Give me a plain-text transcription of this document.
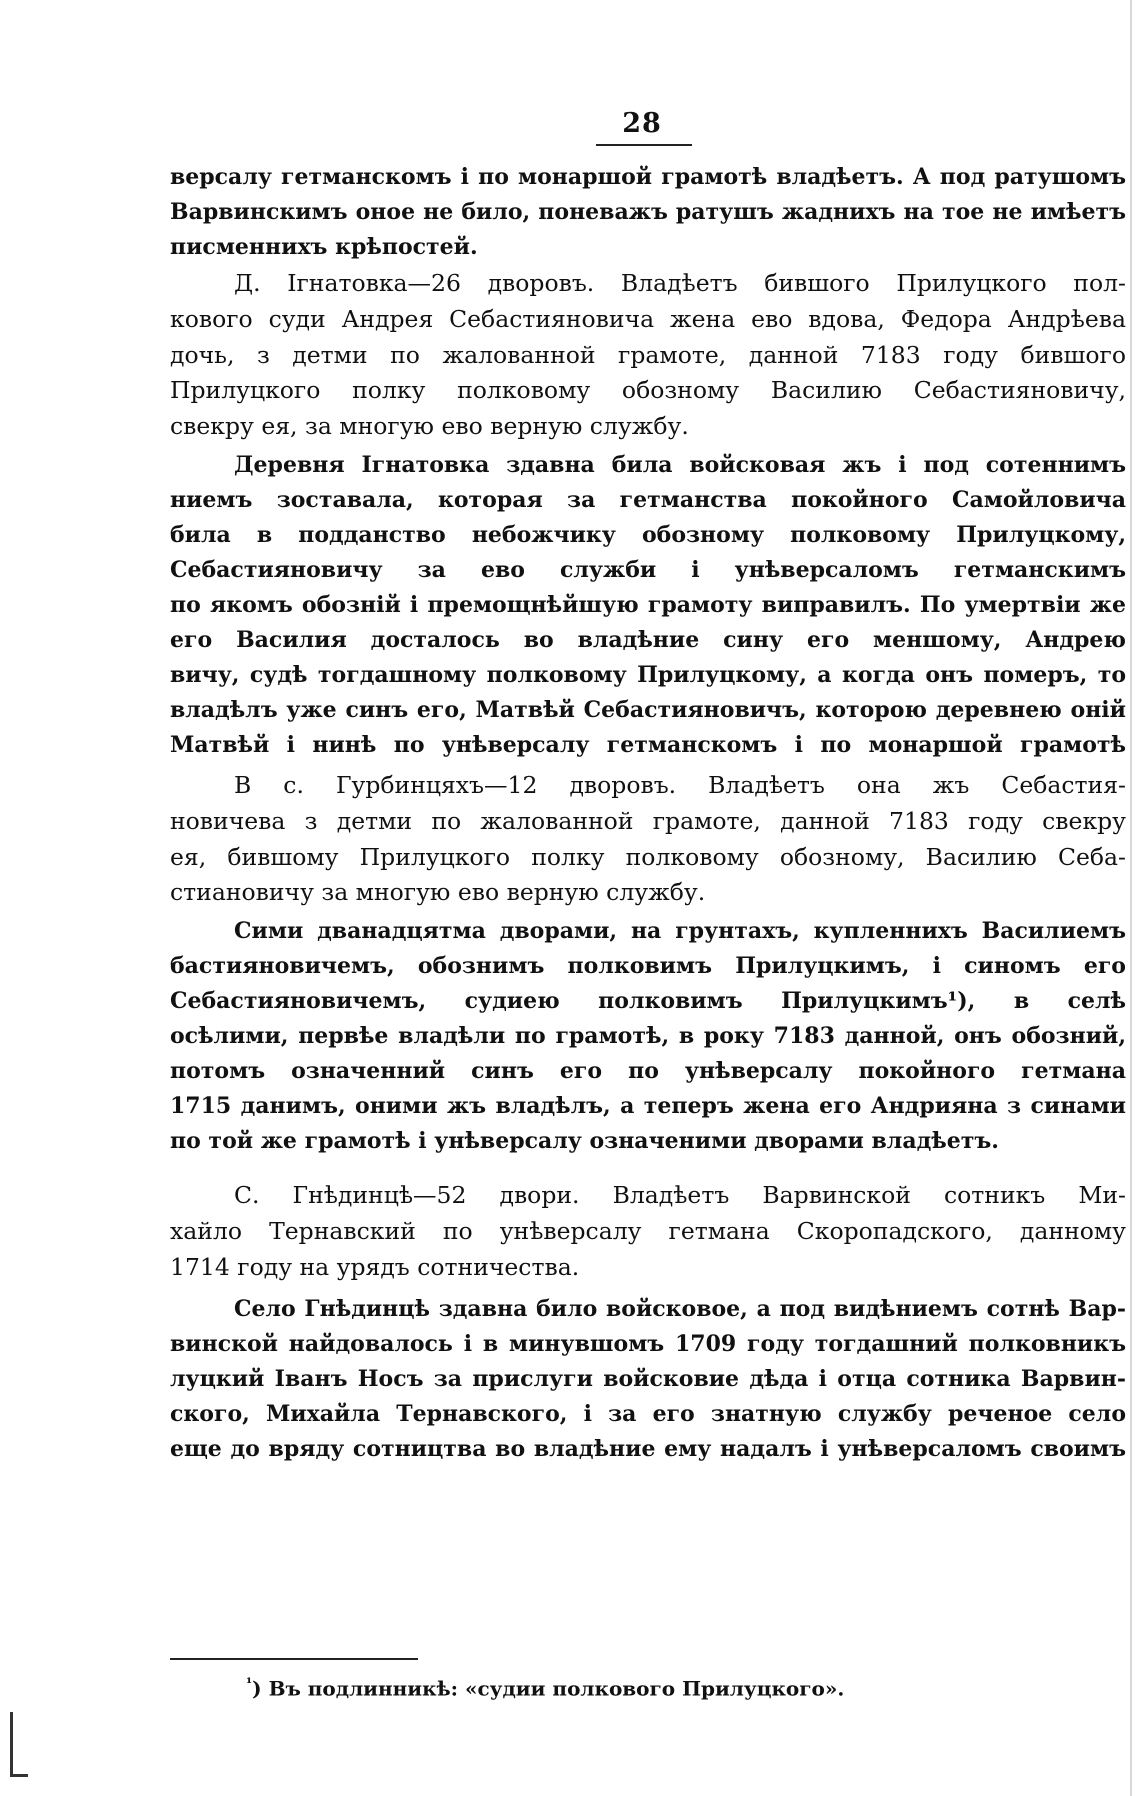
28
версалу гетманскомъ і по монаршой грамотѣ владѣетъ. А под ратушомъ
Варвинскимъ оное не било, поневажъ ратушъ жаднихъ на тое не имѣетъ
писменнихъ крѣпостей.
Д. Ігнатовка—26 дворовъ. Владѣетъ бившого Прилуцкого пол-
кового суди Андрея Себастияновича жена ево вдова, Федора Андрѣева
дочь, з детми по жалованной грамоте, данной 7183 году бившого
Прилуцкого полку полковому обозному Василию Себастияновичу,
свекру ея, за многую ево верную службу.
Деревня Ігнатовка здавна била войсковая жъ і под сотеннимъ
ниемъ зоставала, которая за гетманства покойного Самойловича
била в подданство небожчику обозному полковому Прилуцкому,
Себастияновичу за ево служби і унѣверсаломъ гетманскимъ
по якомъ обозній і премощнѣйшую грамоту виправилъ. По умертвіи же
его Василия досталось во владѣние сину его меншому, Андрею
вичу, судѣ тогдашному полковому Прилуцкому, а когда онъ померъ, то
владѣлъ уже синъ его, Матвѣй Себастияновичъ, которою деревнею оній
Матвѣй і нинѣ по унѣверсалу гетманскомъ і по монаршой грамотѣ
В с. Гурбинцяхъ—12 дворовъ. Владѣетъ она жъ Себастия-
новичева з детми по жалованной грамоте, данной 7183 году свекру
ея, бившому Прилуцкого полку полковому обозному, Василию Себа-
стиановичу за многую ево верную службу.
Сими дванадцятма дворами, на грунтахъ, купленнихъ Василиемъ
бастияновичемъ, обознимъ полковимъ Прилуцкимъ, і синомъ его
Себастияновичемъ, судиею полковимъ Прилуцкимъ¹), в селѣ
осѣлими, первѣе владѣли по грамотѣ, в року 7183 данной, онъ обозний,
потомъ означенний синъ его по унѣверсалу покойного гетмана
1715 данимъ, оними жъ владѣлъ, а теперъ жена его Андрияна з синами
по той же грамотѣ і унѣверсалу означеними дворами владѣетъ.
С. Гнѣдинцѣ—52 двори. Владѣетъ Варвинской сотникъ Ми-
хайло Тернавский по унѣверсалу гетмана Скоропадского, данному
1714 году на урядъ сотничества.
Село Гнѣдинцѣ здавна било войсковое, а под видѣниемъ сотнѣ Вар-
винской найдовалось і в минувшомъ 1709 году тогдашний полковникъ
луцкий Іванъ Носъ за прислуги войсковие дѣда і отца сотника Варвин-
ского, Михайла Тернавского, і за его знатную службу реченое село
еще до вряду сотництва во владѣние ему надалъ і унѣверсаломъ своимъ
$^{^1}$) Въ подлинникѣ: «судии полкового Прилуцкого».
